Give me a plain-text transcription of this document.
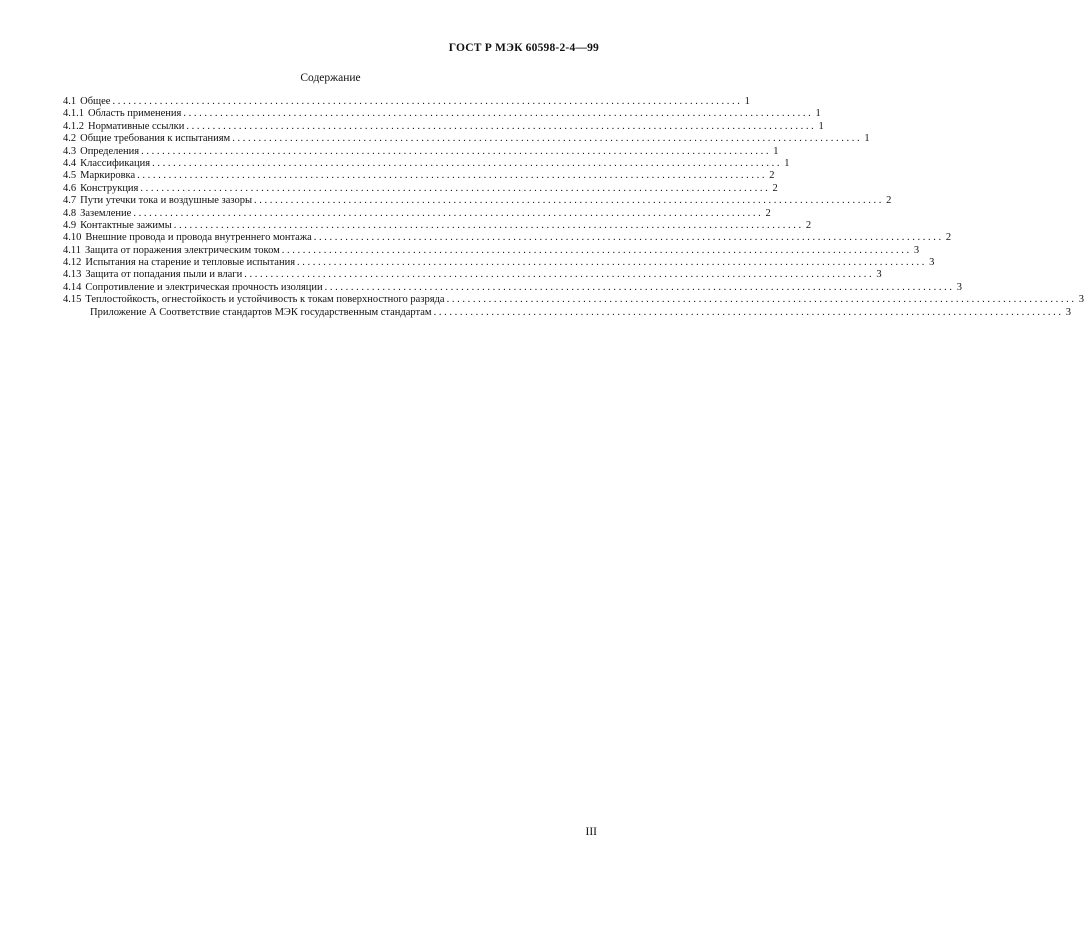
ГОСТ Р МЭК 60598-2-4—99
Содержание
4.1 Общее . . .	1
4.1.1 Область применения . . .	1
4.1.2 Нормативные ссылки . . .	1
4.2 Общие требования к испытаниям . . .	1
4.3 Определения . . .	1
4.4 Классификация . . .	1
4.5 Маркировка . . .	2
4.6 Конструкция . . .	2
4.7 Пути утечки тока и воздушные зазоры . . .	2
4.8 Заземление . . .	2
4.9 Контактные зажимы . . .	2
4.10 Внешние провода и провода внутреннего монтажа . . .	2
4.11 Защита от поражения электрическим током . . .	3
4.12 Испытания на старение и тепловые испытания . . .	3
4.13 Защита от попадания пыли и влаги . . .	3
4.14 Сопротивление и электрическая прочность изоляции . . .	3
4.15 Теплостойкость, огнестойкость и устойчивость к токам поверхностного разряда . . .	3
Приложение А Соответствие стандартов МЭК государственным стандартам . . .	3
III
